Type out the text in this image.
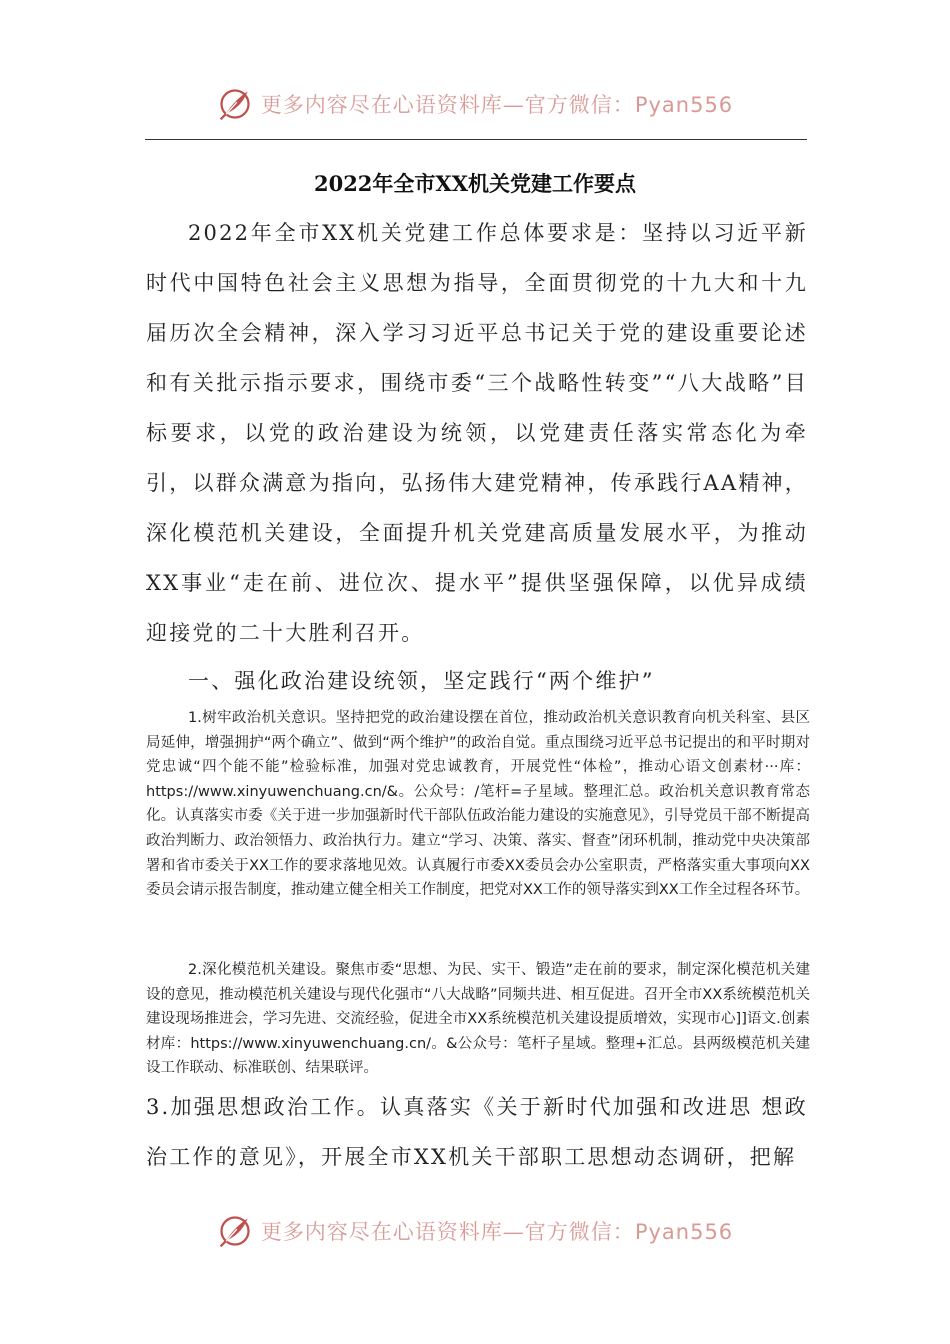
更多内容尽在心语资料库—官方微信：Pyan556
2022年全市XX机关党建工作要点

2022年全市XX机关党建工作总体要求是：坚持以习近平新时代中国特色社会主义思想为指导，全面贯彻党的十九大和十九届历次全会精神，深入学习习近平总书记关于党的建设重要论述和有关批示指示要求，围绕市委“三个战略性转变”“八大战略”目标要求，以党的政治建设为统领，以党建责任落实常态化为牵引，以群众满意为指向，弘扬伟大建党精神，传承践行AA精神，深化模范机关建设，全面提升机关党建高质量发展水平，为推动XX事业“走在前、进位次、提水平”提供坚强保障，以优异成绩迎接党的二十大胜利召开。

一、强化政治建设统领，坚定践行“两个维护”

1.树牢政治机关意识。坚持把党的政治建设摆在首位，推动政治机关意识教育向机关科室、县区局延伸，增强拥护“两个确立”、做到“两个维护”的政治自觉。重点围绕习近平总书记提出的和平时期对党忠诚“四个能不能”检验标准，加强对党忠诚教育，开展党性“体检”，推动心语文创素材···库：https://www.xinyuwenchuang.cn/&。公众号：/笔杆=子星域。整理汇总。政治机关意识教育常态化。认真落实市委《关于进一步加强新时代干部队伍政治能力建设的实施意见》，引导党员干部不断提高政治判断力、政治领悟力、政治执行力。建立“学习、决策、落实、督查”闭环机制，推动党中央决策部署和省市委关于XX工作的要求落地见效。认真履行市委XX委员会办公室职责，严格落实重大事项向XX委员会请示报告制度，推动建立健全相关工作制度，把党对XX工作的领导落实到XX工作全过程各环节。

2.深化模范机关建设。聚焦市委“思想、为民、实干、锻造”走在前的要求，制定深化模范机关建设的意见，推动模范机关建设与现代化强市“八大战略”同频共进、相互促进。召开全市XX系统模范机关建设现场推进会，学习先进、交流经验，促进全市XX系统模范机关建设提质增效，实现市心]]语文.创素材库：https://www.xinyuwenchuang.cn/。&公众号：笔杆子星域。整理+汇总。县两级模范机关建设工作联动、标准联创、结果联评。

3.加强思想政治工作。认真落实《关于新时代加强和改进思 想政治工作的意见》，开展全市XX机关干部职工思想动态调研，把解

更多内容尽在心语资料库—官方微信：Pyan556
